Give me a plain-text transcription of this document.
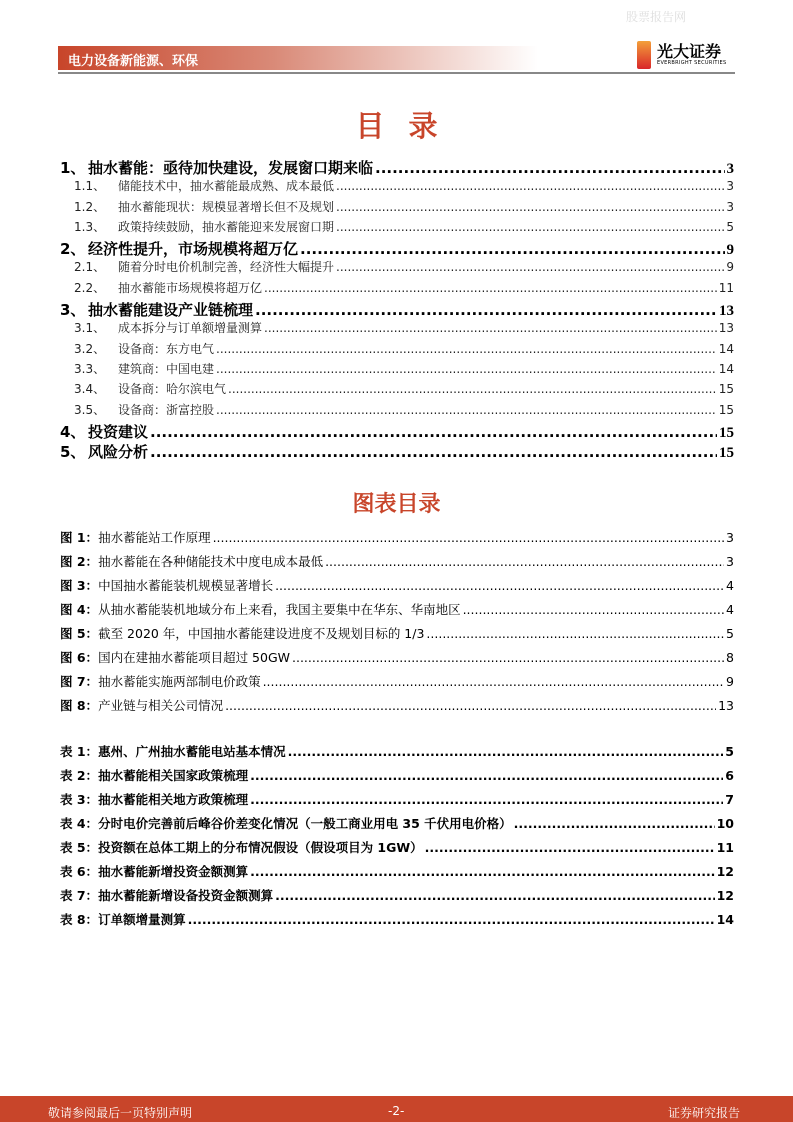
股票报告网
电力设备新能源、环保
光大证券
EVERBRIGHT SECURITIES
目录
1、 抽水蓄能：亟待加快建设，发展窗口期来临 .....	3
1.1、 储能技术中，抽水蓄能最成熟、成本最低 .....	3
1.2、 抽水蓄能现状：规模显著增长但不及规划 .....	3
1.3、 政策持续鼓励，抽水蓄能迎来发展窗口期 .....	5
2、 经济性提升，市场规模将超万亿 .....	9
2.1、 随着分时电价机制完善，经济性大幅提升 .....	9
2.2、 抽水蓄能市场规模将超万亿 .....	11
3、 抽水蓄能建设产业链梳理 .....	13
3.1、 成本拆分与订单额增量测算 .....	13
3.2、 设备商：东方电气 .....	14
3.3、 建筑商：中国电建 .....	14
3.4、 设备商：哈尔滨电气 .....	15
3.5、 设备商：浙富控股 .....	15
4、 投资建议 .....	15
5、 风险分析 .....	15
图表目录
图 1：抽水蓄能站工作原理 .....	3
图 2：抽水蓄能在各种储能技术中度电成本最低 .....	3
图 3：中国抽水蓄能装机规模显著增长 .....	4
图 4：从抽水蓄能装机地域分布上来看，我国主要集中在华东、华南地区 .....	4
图 5：截至 2020 年，中国抽水蓄能建设进度不及规划目标的 1/3 .....	5
图 6：国内在建抽水蓄能项目超过 50GW .....	8
图 7：抽水蓄能实施两部制电价政策 .....	9
图 8：产业链与相关公司情况 .....	13
表 1：惠州、广州抽水蓄能电站基本情况 .....	5
表 2：抽水蓄能相关国家政策梳理 .....	6
表 3：抽水蓄能相关地方政策梳理 .....	7
表 4：分时电价完善前后峰谷价差变化情况（一般工商业用电 35 千伏用电价格） .....	10
表 5：投资额在总体工期上的分布情况假设（假设项目为 1GW） .....	11
表 6：抽水蓄能新增投资金额测算 .....	12
表 7：抽水蓄能新增设备投资金额测算 .....	12
表 8：订单额增量测算 .....	14
敬请参阅最后一页特别声明	-2-	证券研究报告
